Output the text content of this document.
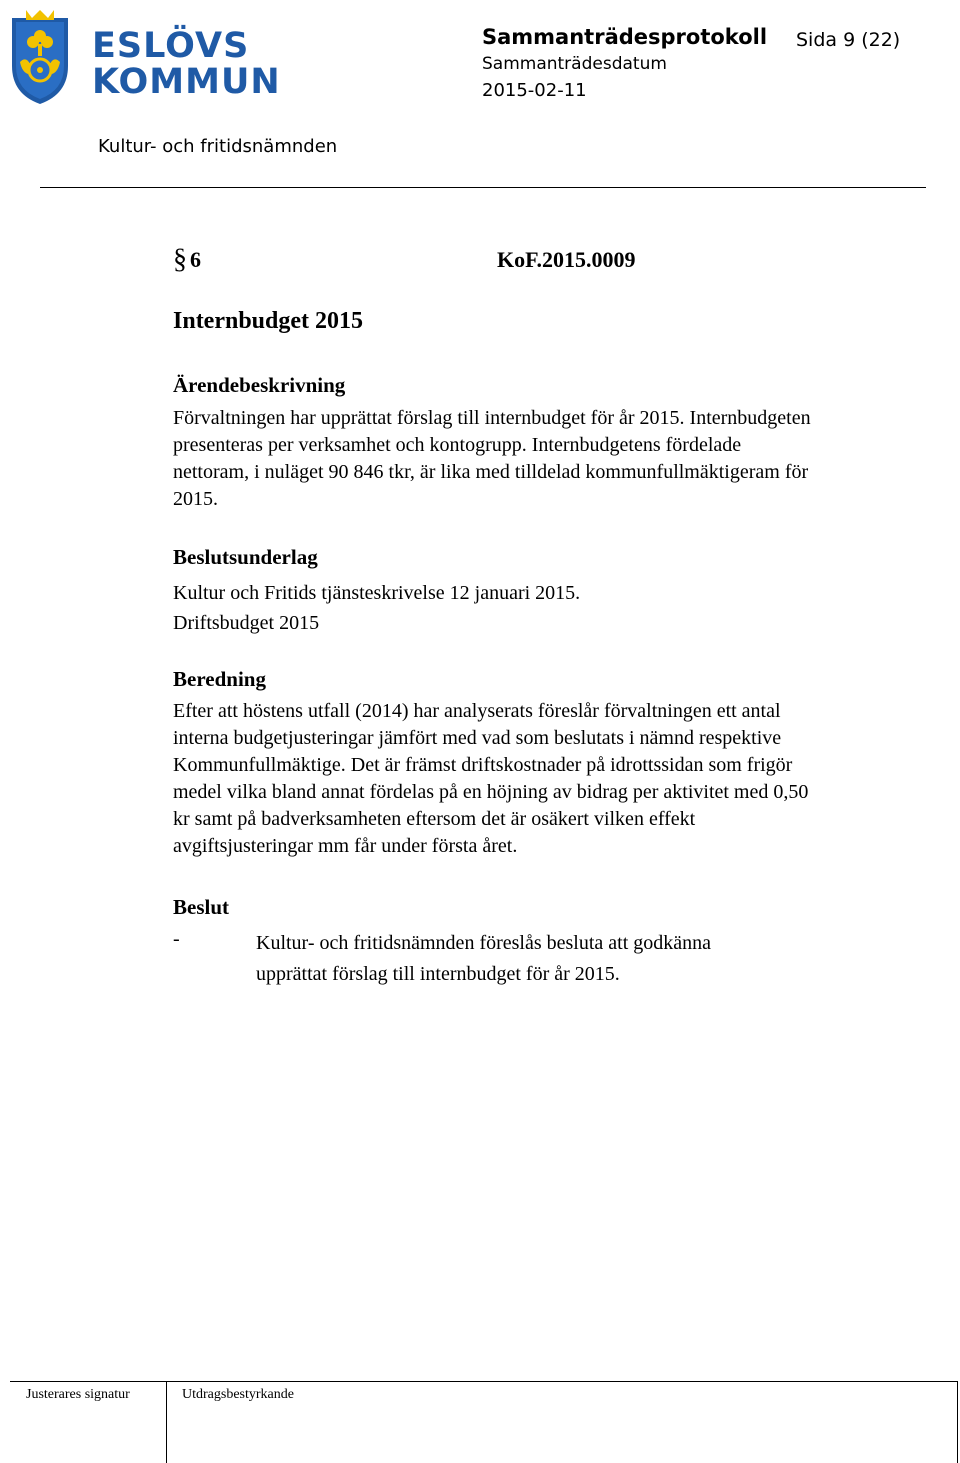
ESLÖVS
KOMMUN
Sammanträdesprotokoll Sida 9 (22)
Sammanträdesdatum
2015-02-11
Kultur- och fritidsnämnden
§ 6	KoF.2015.0009
Internbudget 2015
Ärendebeskrivning
Förvaltningen har upprättat förslag till internbudget för år 2015. Internbudgeten
presenteras per verksamhet och kontogrupp. Internbudgetens fördelade
nettoram, i nuläget 90 846 tkr, är lika med tilldelad kommunfullmäktigeram för
2015.
Beslutsunderlag
Kultur och Fritids tjänsteskrivelse 12 januari 2015.
Driftsbudget 2015
Beredning
Efter att höstens utfall (2014) har analyserats föreslår förvaltningen ett antal
interna budgetjusteringar jämfört med vad som beslutats i nämnd respektive
Kommunfullmäktige. Det är främst driftskostnader på idrottssidan som frigör
medel vilka bland annat fördelas på en höjning av bidrag per aktivitet med 0,50
kr samt på badverksamheten eftersom det är osäkert vilken effekt
avgiftsjusteringar mm får under första året.
Beslut
-	Kultur- och fritidsnämnden föreslås besluta att godkänna
upprättat förslag till internbudget för år 2015.
Justerares signatur	Utdragsbestyrkande
